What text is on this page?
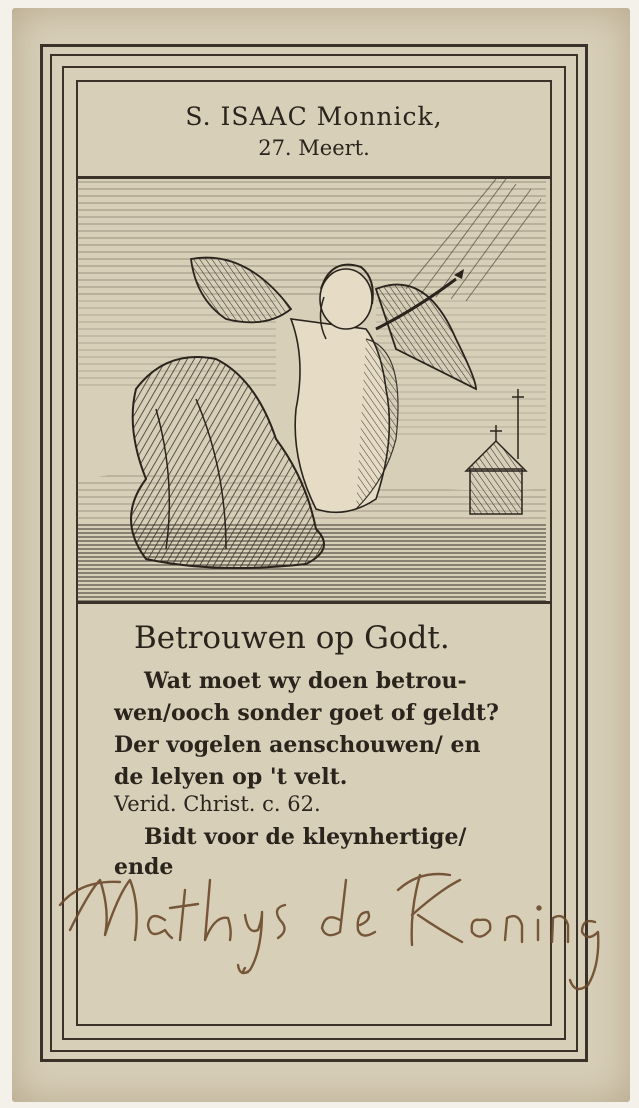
S. ISAAC Monnick,
27. Meert.
Betrouwen op Godt.
Wat moet wy doen betrou-
wen/ooch sonder goet of geldt?
Der vogelen aenschouwen/ en
de lelyen op 't velt.
Verid. Christ. c. 62.
Bidt voor de kleynhertige/
ende
